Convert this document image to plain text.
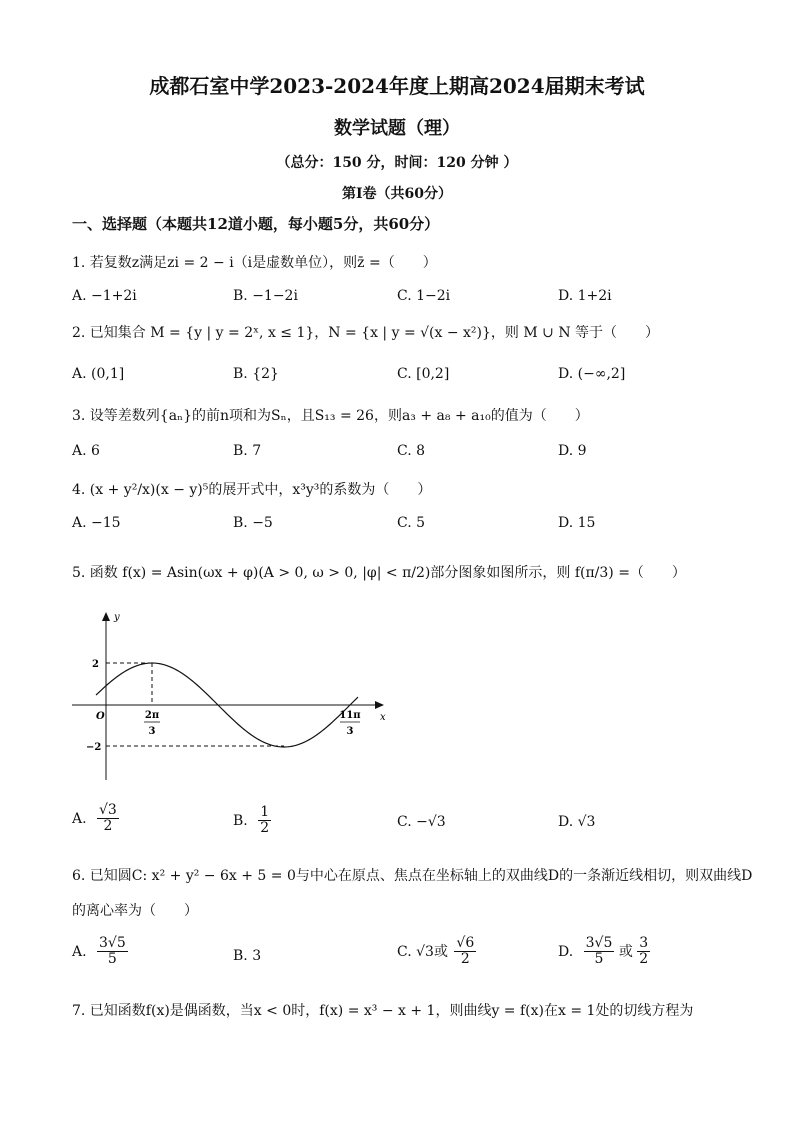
成都石室中学2023-2024年度上期高2024届期末考试
数学试题（理）
（总分：150 分，时间：120 分钟 ）
第Ⅰ卷（共60分）
一、选择题（本题共12道小题，每小题5分，共60分）
1. 若复数z满足zi = 2 − i（i是虚数单位），则z̄ =（　　）
A. −1+2i	B. −1−2i	C. 1−2i	D. 1+2i
2. 已知集合 M = {y | y = 2ˣ, x ≤ 1}，N = {x | y = √(x − x²)}，则 M ∪ N 等于（　　）
A. (0,1]	B. {2}	C. [0,2]	D. (−∞,2]
3. 设等差数列{aₙ}的前n项和为Sₙ，且S₁₃ = 26，则a₃ + a₈ + a₁₀的值为（　　）
A. 6	B. 7	C. 8	D. 9
4. (x + y²/x)(x − y)⁵的展开式中，x³y³的系数为（　　）
A. −15	B. −5	C. 5	D. 15
5. 函数 f(x) = Asin(ωx + φ)(A > 0, ω > 0, |φ| < π/2)部分图象如图所示，则 f(π/3) =（　　）
y
x
O
2
−2
2π
3
11π
3
A. $\frac{√3}{2}$	B. $\frac{1}{2}$	C. −√3	D. √3
6. 已知圆C: x² + y² − 6x + 5 = 0与中心在原点、焦点在坐标轴上的双曲线D的一条渐近线相切，则双曲线D
的离心率为（　　）
A. $\frac{3√5}{5}$	B. 3	C. √3或 $\frac{√6}{2}$	D. $\frac{3√5}{5}$ 或 $\frac{3}{2}$
7. 已知函数f(x)是偶函数，当x < 0时，f(x) = x³ − x + 1，则曲线y = f(x)在x = 1处的切线方程为
